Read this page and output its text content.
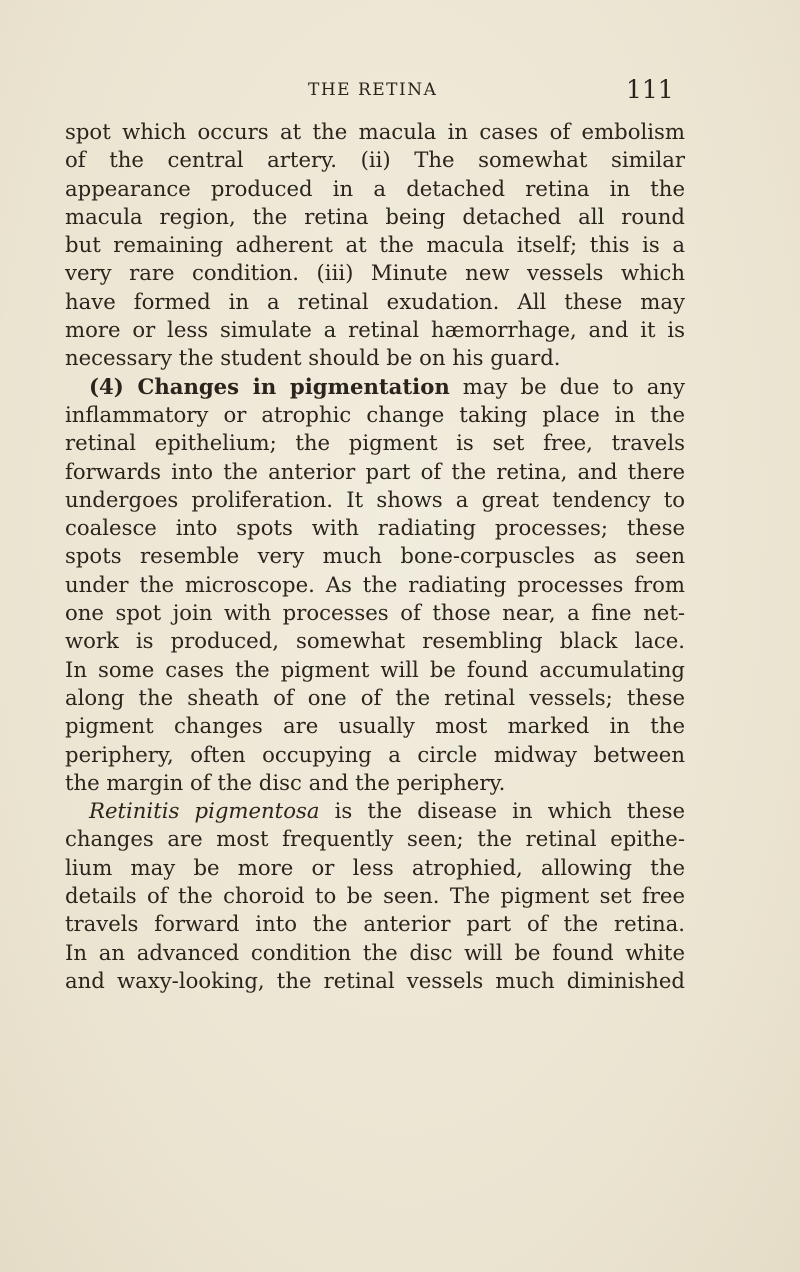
THE RETINA	111
spot which occurs at the macula in cases of embolism
of the central artery. (ii) The somewhat similar
appearance produced in a detached retina in the
macula region, the retina being detached all round
but remaining adherent at the macula itself; this is a
very rare condition. (iii) Minute new vessels which
have formed in a retinal exudation. All these may
more or less simulate a retinal hæmorrhage, and it is
necessary the student should be on his guard.
(4) Changes in pigmentation may be due to any
inflammatory or atrophic change taking place in the
retinal epithelium; the pigment is set free, travels
forwards into the anterior part of the retina, and there
undergoes proliferation. It shows a great tendency to
coalesce into spots with radiating processes; these
spots resemble very much bone-corpuscles as seen
under the microscope. As the radiating processes from
one spot join with processes of those near, a fine net-
work is produced, somewhat resembling black lace.
In some cases the pigment will be found accumulating
along the sheath of one of the retinal vessels; these
pigment changes are usually most marked in the
periphery, often occupying a circle midway between
the margin of the disc and the periphery.
Retinitis pigmentosa is the disease in which these
changes are most frequently seen; the retinal epithe-
lium may be more or less atrophied, allowing the
details of the choroid to be seen. The pigment set free
travels forward into the anterior part of the retina.
In an advanced condition the disc will be found white
and waxy-looking, the retinal vessels much diminished
